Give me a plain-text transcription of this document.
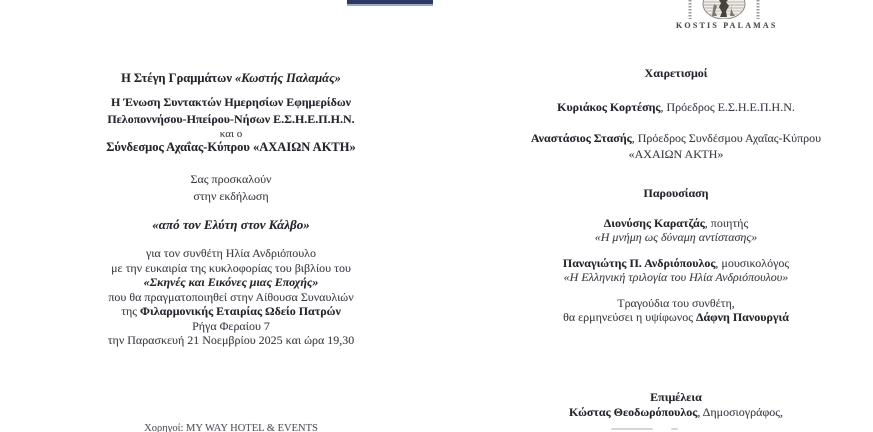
KOSTIS PALAMAS

Η Στέγη Γραμμάτων «Κωστής Παλαμάς»

Η Ένωση Συντακτών Ημερησίων Εφημερίδων
Πελοποννήσου-Ηπείρου-Νήσων Ε.Σ.Η.Ε.Π.Η.Ν.

και ο

Σύνδεσμος Αχαΐας-Κύπρου «ΑΧΑΙΩΝ ΑΚΤΗ»

Σας προσκαλούν
στην εκδήλωση

«από τον Ελύτη στον Κάλβο»

για τον συνθέτη Ηλία Ανδριόπουλο
με την ευκαιρία της κυκλοφορίας του βιβλίου του
«Σκηνές και Εικόνες μιας Εποχής»
που θα πραγματοποιηθεί στην Αίθουσα Συναυλιών
της Φιλαρμονικής Εταιρίας Ωδείο Πατρών
Ρήγα Φεραίου 7
την Παρασκευή 21 Νοεμβρίου 2025 και ώρα 19,30

Χαιρετισμοί

Κυριάκος Κορτέσης, Πρόεδρος Ε.Σ.Η.Ε.Π.Η.Ν.

Αναστάσιος Στασής, Πρόεδρος Συνδέσμου Αχαΐας-Κύπρου
«ΑΧΑΙΩΝ ΑΚΤΗ»

Παρουσίαση

Διονύσης Καρατζάς, ποιητής
«Η μνήμη ως δύναμη αντίστασης»

Παναγιώτης Π. Ανδριόπουλος, μουσικολόγος
«Η Ελληνική τριλογία του Ηλία Ανδριόπουλου»

Τραγούδια του συνθέτη,
θα ερμηνεύσει η υψίφωνος Δάφνη Πανουργιά

Επιμέλεια

Κώστας Θεοδωρόπουλος, Δημοσιογράφος,

Χορηγοί: MY WAY HOTEL & EVENTS
